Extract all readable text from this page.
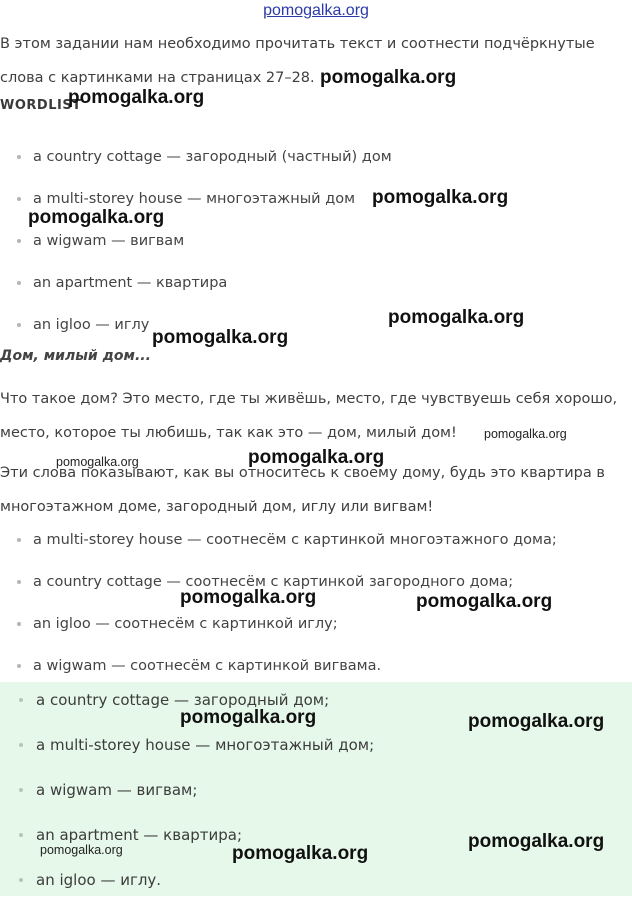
pomogalka.org
В этом задании нам необходимо прочитать текст и соотнести подчёркнутые
слова с картинками на страницах 27–28.
WORDLIST
a country cottage — загородный (частный) дом
a multi-storey house — многоэтажный дом
a wigwam — вигвам
an apartment — квартира
an igloo — иглу
Дом, милый дом...
Что такое дом? Это место, где ты живёшь, место, где чувствуешь себя хорошо,
место, которое ты любишь, так как это — дом, милый дом!
Эти слова показывают, как вы относитесь к своему дому, будь это квартира в
многоэтажном доме, загородный дом, иглу или вигвам!
a multi-storey house — соотнесём с картинкой многоэтажного дома;
a country cottage — соотнесём с картинкой загородного дома;
an igloo — соотнесём с картинкой иглу;
a wigwam — соотнесём с картинкой вигвама.
a country cottage — загородный дом;
a multi-storey house — многоэтажный дом;
a wigwam — вигвам;
an apartment — квартира;
an igloo — иглу.
pomogalka.org
pomogalka.org
pomogalka.org
pomogalka.org
pomogalka.org
pomogalka.org
pomogalka.org
pomogalka.org
pomogalka.org
pomogalka.org	pomogalka.org
pomogalka.org	pomogalka.org
pomogalka.org
pomogalka.org	pomogalka.org
